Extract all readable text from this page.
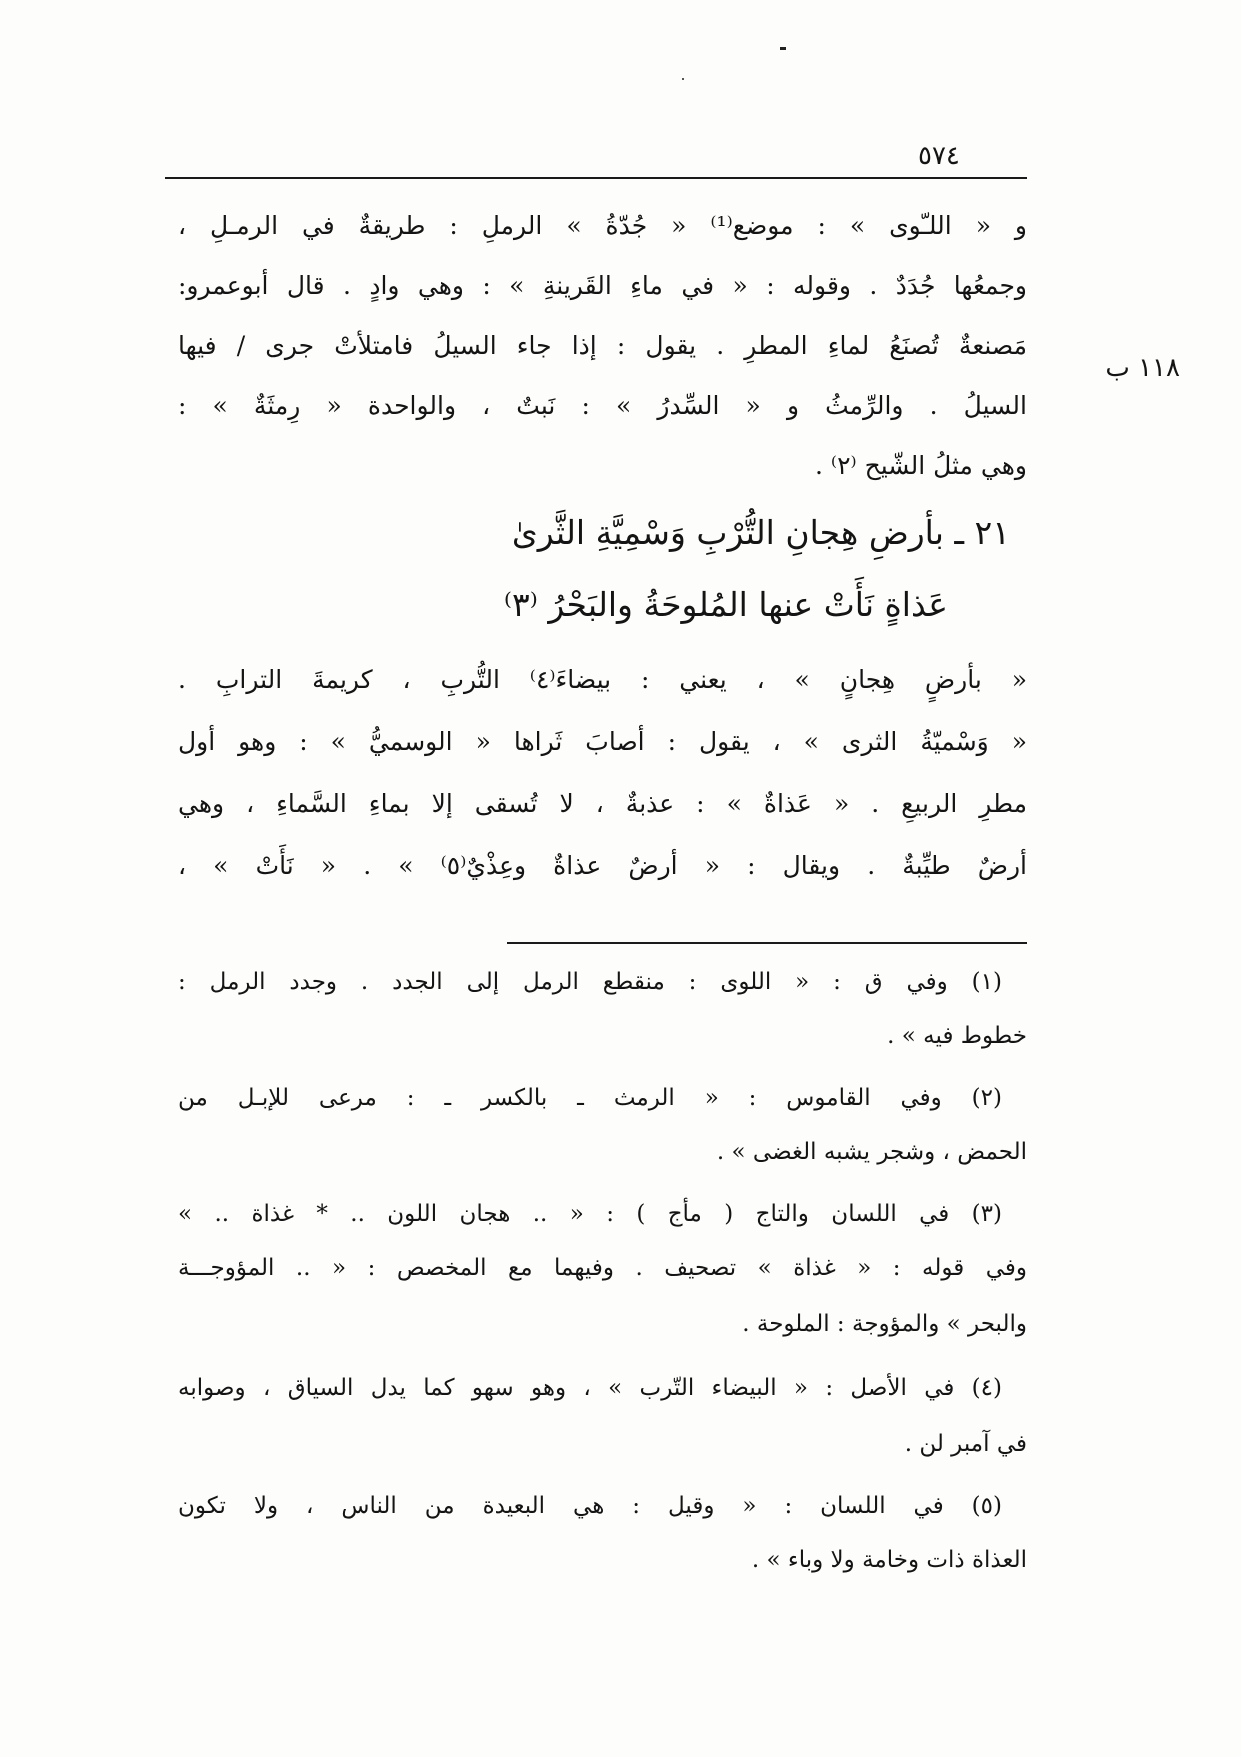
٥٧٤
١١٨ ب
و « اللـّوى » : موضع⁽¹⁾ « جُدّةُ » الرملِ : طريقةٌ في الرمـلِ ،
وجمعُها جُدَدٌ . وقوله : « في ماءِ القَرينةِ » : وهي وادٍ . قال أبوعمرو:
مَصنعةٌ تُصنَعُ لماءِ المطرِ . يقول : إذا جاء السيلُ فامتلأتْ جرى / فيها
السيلُ . والرِّمثُ و « السِّدرُ » : نَبتٌ ، والواحدة « رِمثَةٌ » :
وهي مثلُ الشّيح ⁽٢⁾ .
٢١ ـ بأرضِ هِجانِ التُّرْبِ وَسْمِيَّةِ الثَّرىٰ
عَذاةٍ نَأَتْ عنها المُلوحَةُ والبَحْرُ ⁽٣⁾
« بأرضٍ هِجانٍ » ، يعني : بيضاءَ⁽٤⁾ التُّربِ ، كريمةَ الترابِ .
« وَسْميّةُ الثرى » ، يقول : أصابَ ثَراها « الوسميُّ » : وهو أول
مطرِ الربيعِ . « عَذاةٌ » : عذبةٌ ، لا تُسقى إلا بماءِ السَّماءِ ، وهي
أرضٌ طيِّبةٌ . ويقال : « أرضٌ عذاةٌ وعِذْيٌ⁽٥⁾ » . « نَأَتْ » ،
(١) وفي ق : « اللوى : منقطع الرمل إلى الجدد . وجدد الرمل :
خطوط فيه » .
(٢) وفي القاموس : « الرمث ـ بالكسر ـ : مرعى للإبـل من
الحمض ، وشجر يشبه الغضى » .
(٣) في اللسان والتاج ( مأج ) : « .. هجان اللون .. * غذاة .. »
وفي قوله : « غذاة » تصحيف . وفيهما مع المخصص : « .. المؤوجـــة
والبحر » والمؤوجة : الملوحة .
(٤) في الأصل : « البيضاء التّرب » ، وهو سهو كما يدل السياق ، وصوابه
في آمبر لن .
(٥) في اللسان : « وقيل : هي البعيدة من الناس ، ولا تكون
العذاة ذات وخامة ولا وباء » .
